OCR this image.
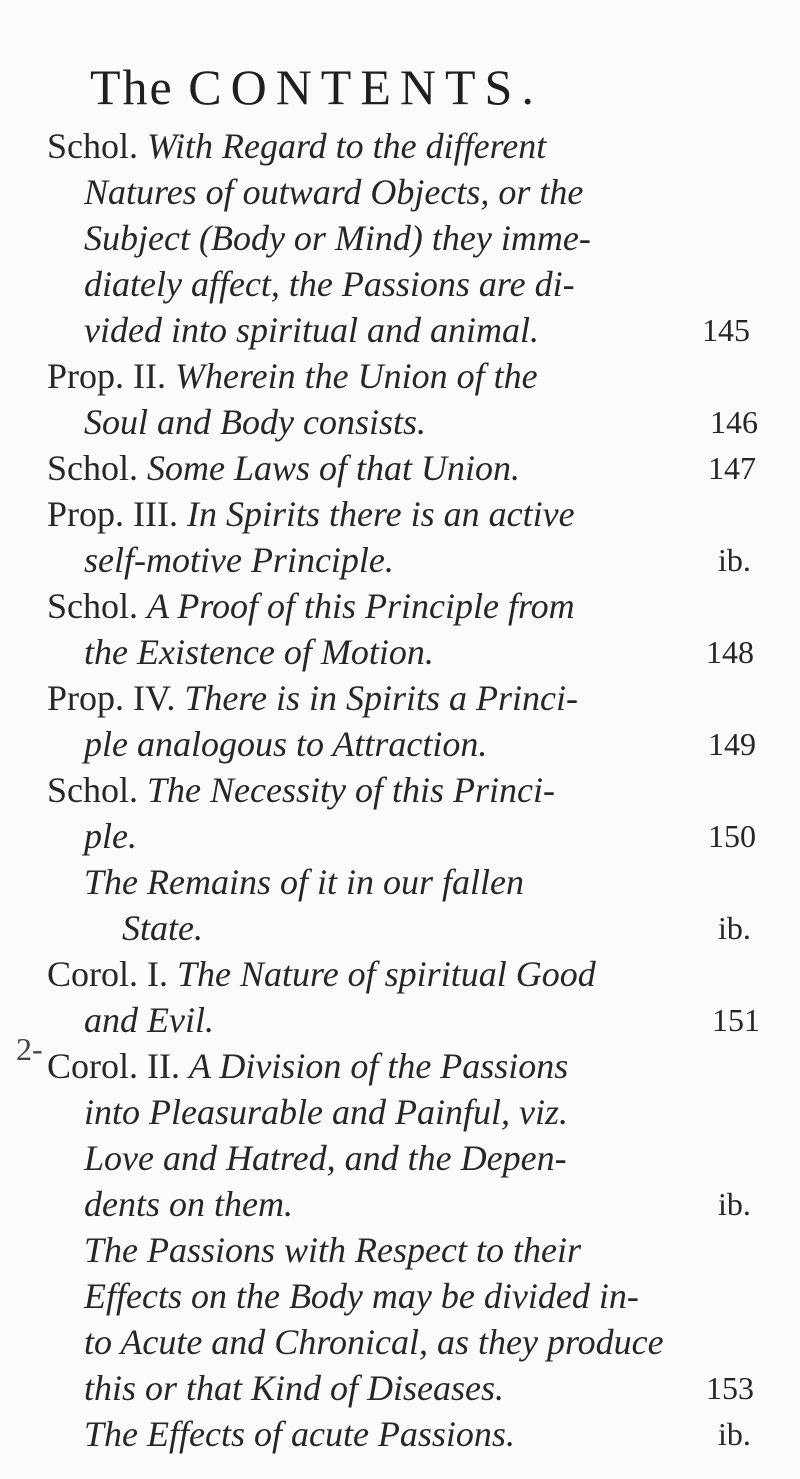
The CONTENTS.
2-
Schol. With Regard to the different
Natures of outward Objects, or the
Subject (Body or Mind) they imme-
diately affect, the Passions are di-
vided into spiritual and animal.	145
Prop. II. Wherein the Union of the
Soul and Body consists.	146
Schol. Some Laws of that Union.	147
Prop. III. In Spirits there is an active
self-motive Principle.	ib.
Schol. A Proof of this Principle from
the Existence of Motion.	148
Prop. IV. There is in Spirits a Princi-
ple analogous to Attraction.	149
Schol. The Necessity of this Princi-
ple.	150
The Remains of it in our fallen
State.	ib.
Corol. I. The Nature of spiritual Good
and Evil.	151
Corol. II. A Division of the Passions
into Pleasurable and Painful, viz.
Love and Hatred, and the Depen-
dents on them.	ib.
The Passions with Respect to their
Effects on the Body may be divided in-
to Acute and Chronical, as they produce
this or that Kind of Diseases.	153
The Effects of acute Passions.	ib.
